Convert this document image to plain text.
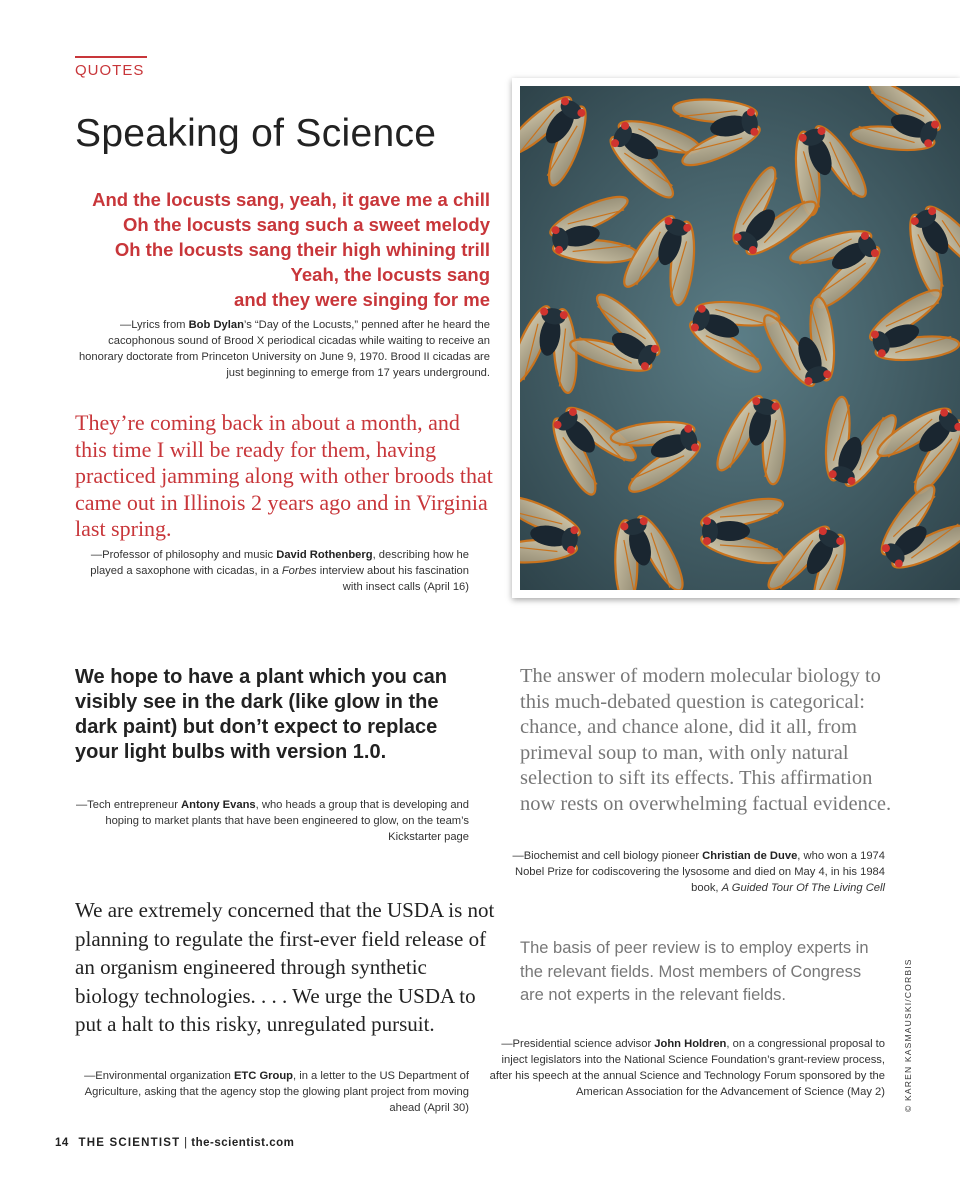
QUOTES
Speaking of Science
And the locusts sang, yeah, it gave me a chill
Oh the locusts sang such a sweet melody
Oh the locusts sang their high whining trill
Yeah, the locusts sang
and they were singing for me
—Lyrics from Bob Dylan’s “Day of the Locusts,” penned after he heard the cacophonous sound of Brood X periodical cicadas while waiting to receive an honorary doctorate from Princeton University on June 9, 1970. Brood II cicadas are just beginning to emerge from 17 years underground.
They’re coming back in about a month, and this time I will be ready for them, having practiced jamming along with other broods that came out in Illinois 2 years ago and in Virginia last spring.
—Professor of philosophy and music David Rothenberg, describing how he played a saxophone with cicadas, in a Forbes interview about his fascination with insect calls (April 16)
We hope to have a plant which you can visibly see in the dark (like glow in the dark paint) but don’t expect to replace your light bulbs with version 1.0.
—Tech entrepreneur Antony Evans, who heads a group that is developing and hoping to market plants that have been engineered to glow, on the team’s Kickstarter page
We are extremely concerned that the USDA is not planning to regulate the first-ever field release of an organism engineered through synthetic biology technologies. . . . We urge the USDA to put a halt to this risky, unregulated pursuit.
—Environmental organization ETC Group, in a letter to the US Department of Agriculture, asking that the agency stop the glowing plant project from moving ahead (April 30)
The answer of modern molecular biology to this much-debated question is categorical: chance, and chance alone, did it all, from primeval soup to man, with only natural selection to sift its effects. This affirmation now rests on overwhelming factual evidence.
—Biochemist and cell biology pioneer Christian de Duve, who won a 1974 Nobel Prize for codiscovering the lysosome and died on May 4, in his 1984 book, A Guided Tour Of The Living Cell
The basis of peer review is to employ experts in the relevant fields. Most members of Congress are not experts in the relevant fields.
—Presidential science advisor John Holdren, on a congressional proposal to inject legislators into the National Science Foundation’s grant-review process, after his speech at the annual Science and Technology Forum sponsored by the American Association for the Advancement of Science (May 2) © KAREN KASMAUSKI/CORBIS
14 THE SCIENTIST | the-scientist.com
